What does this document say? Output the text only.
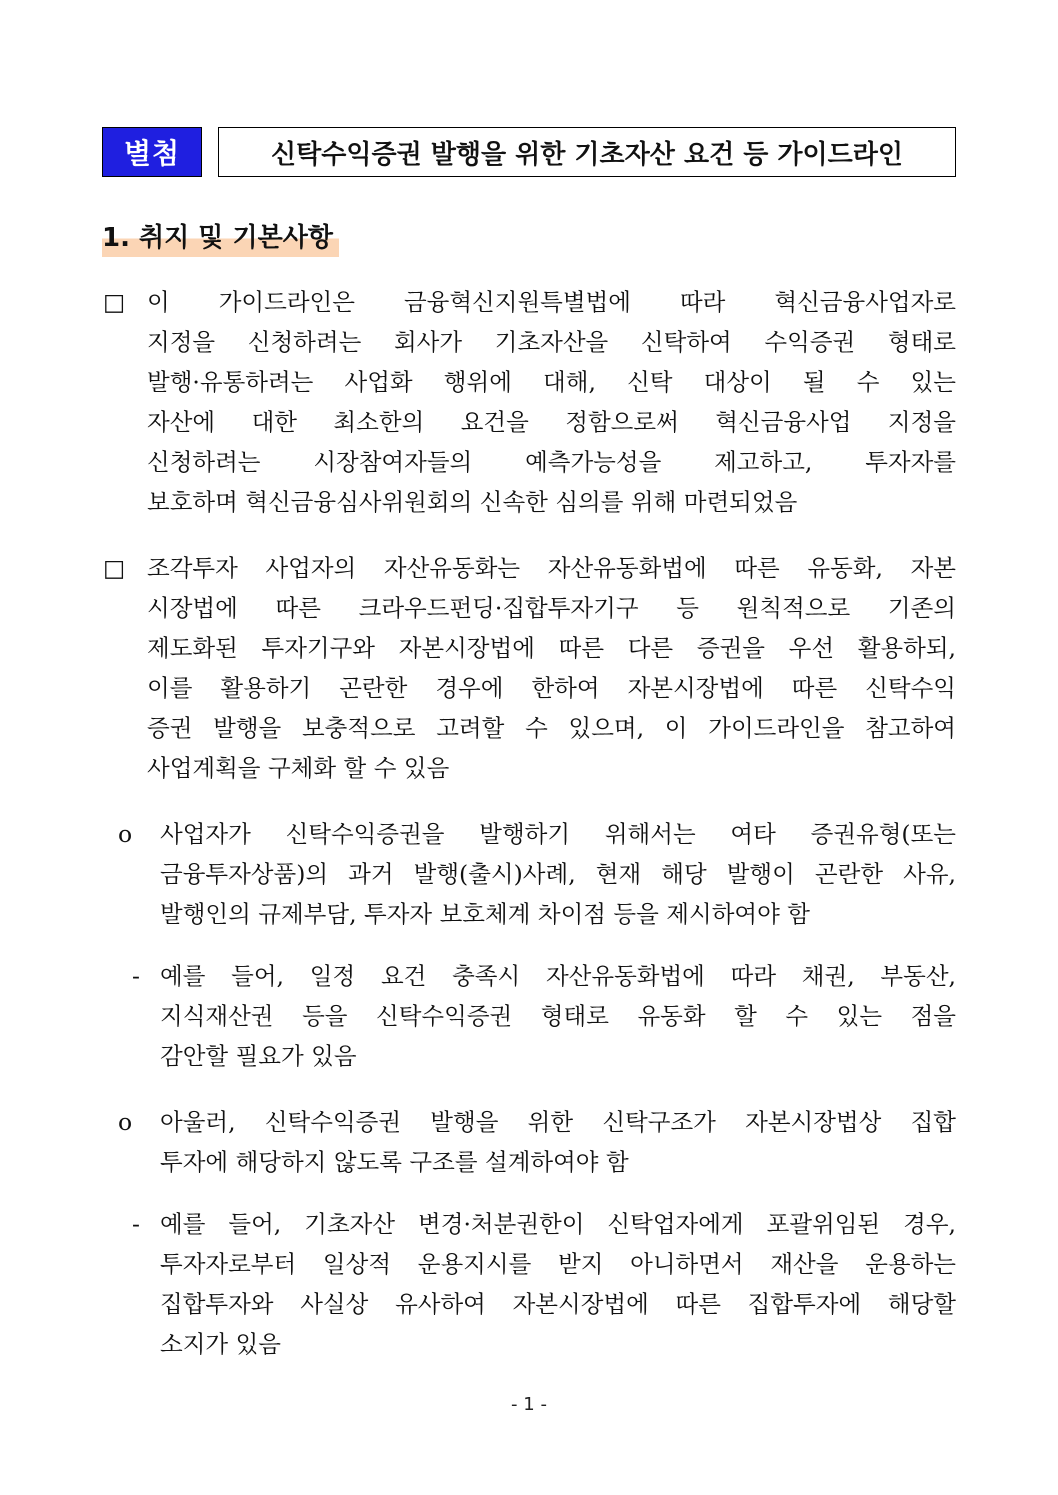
별첨	신탁수익증권 발행을 위한 기초자산 요건 등 가이드라인
1. 취지 및 기본사항
□ 이 가이드라인은 금융혁신지원특별법에 따라 혁신금융사업자로
지정을 신청하려는 회사가 기초자산을 신탁하여 수익증권 형태로
발행·유통하려는 사업화 행위에 대해, 신탁 대상이 될 수 있는
자산에 대한 최소한의 요건을 정함으로써 혁신금융사업 지정을
신청하려는 시장참여자들의 예측가능성을 제고하고, 투자자를
보호하며 혁신금융심사위원회의 신속한 심의를 위해 마련되었음
□ 조각투자 사업자의 자산유동화는 자산유동화법에 따른 유동화, 자본
시장법에 따른 크라우드펀딩·집합투자기구 등 원칙적으로 기존의
제도화된 투자기구와 자본시장법에 따른 다른 증권을 우선 활용하되,
이를 활용하기 곤란한 경우에 한하여 자본시장법에 따른 신탁수익
증권 발행을 보충적으로 고려할 수 있으며, 이 가이드라인을 참고하여
사업계획을 구체화 할 수 있음
ο 사업자가 신탁수익증권을 발행하기 위해서는 여타 증권유형(또는
금융투자상품)의 과거 발행(출시)사례, 현재 해당 발행이 곤란한 사유,
발행인의 규제부담, 투자자 보호체계 차이점 등을 제시하여야 함
- 예를 들어, 일정 요건 충족시 자산유동화법에 따라 채권, 부동산,
지식재산권 등을 신탁수익증권 형태로 유동화 할 수 있는 점을
감안할 필요가 있음
ο 아울러, 신탁수익증권 발행을 위한 신탁구조가 자본시장법상 집합
투자에 해당하지 않도록 구조를 설계하여야 함
- 예를 들어, 기초자산 변경·처분권한이 신탁업자에게 포괄위임된 경우,
투자자로부터 일상적 운용지시를 받지 아니하면서 재산을 운용하는
집합투자와 사실상 유사하여 자본시장법에 따른 집합투자에 해당할
소지가 있음
- 1 -
